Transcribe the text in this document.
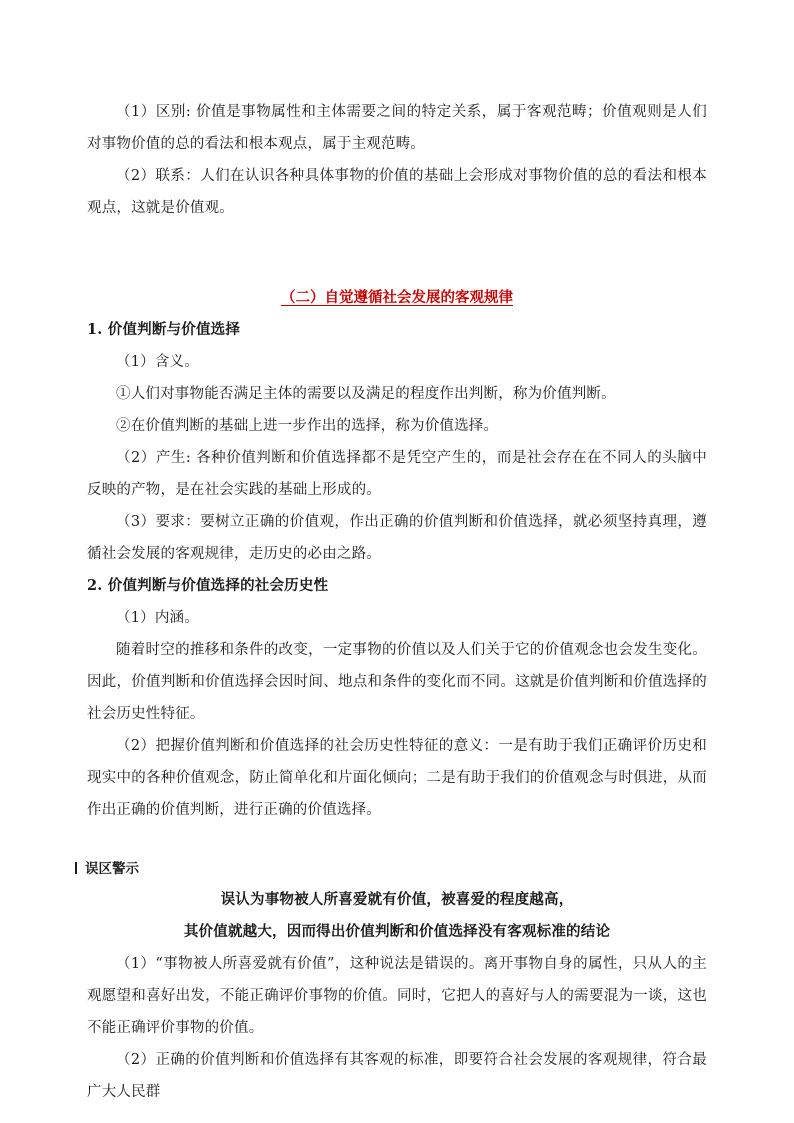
（1）区别: 价值是事物属性和主体需要之间的特定关系，属于客观范畴；价值观则是人们对事物价值的总的看法和根本观点，属于主观范畴。

（2）联系：人们在认识各种具体事物的价值的基础上会形成对事物价值的总的看法和根本观点，这就是价值观。

（二）自觉遵循社会发展的客观规律

1. 价值判断与价值选择

（1）含义。

①人们对事物能否满足主体的需要以及满足的程度作出判断，称为价值判断。

②在价值判断的基础上进一步作出的选择，称为价值选择。

（2）产生: 各种价值判断和价值选择都不是凭空产生的，而是社会存在在不同人的头脑中反映的产物，是在社会实践的基础上形成的。

（3）要求：要树立正确的价值观，作出正确的价值判断和价值选择，就必须坚持真理，遵循社会发展的客观规律，走历史的必由之路。

2. 价值判断与价值选择的社会历史性

（1）内涵。

随着时空的推移和条件的改变，一定事物的价值以及人们关于它的价值观念也会发生变化。因此，价值判断和价值选择会因时间、地点和条件的变化而不同。这就是价值判断和价值选择的社会历史性特征。

（2）把握价值判断和价值选择的社会历史性特征的意义：一是有助于我们正确评价历史和现实中的各种价值观念，防止简单化和片面化倾向；二是有助于我们的价值观念与时俱进，从而作出正确的价值判断，进行正确的价值选择。

误区警示

误认为事物被人所喜爱就有价值，被喜爱的程度越高，

其价值就越大，因而得出价值判断和价值选择没有客观标准的结论

（1）“事物被人所喜爱就有价值”，这种说法是错误的。离开事物自身的属性，只从人的主观愿望和喜好出发，不能正确评价事物的价值。同时，它把人的喜好与人的需要混为一谈，这也不能正确评价事物的价值。

（2）正确的价值判断和价值选择有其客观的标准，即要符合社会发展的客观规律，符合最广大人民群
